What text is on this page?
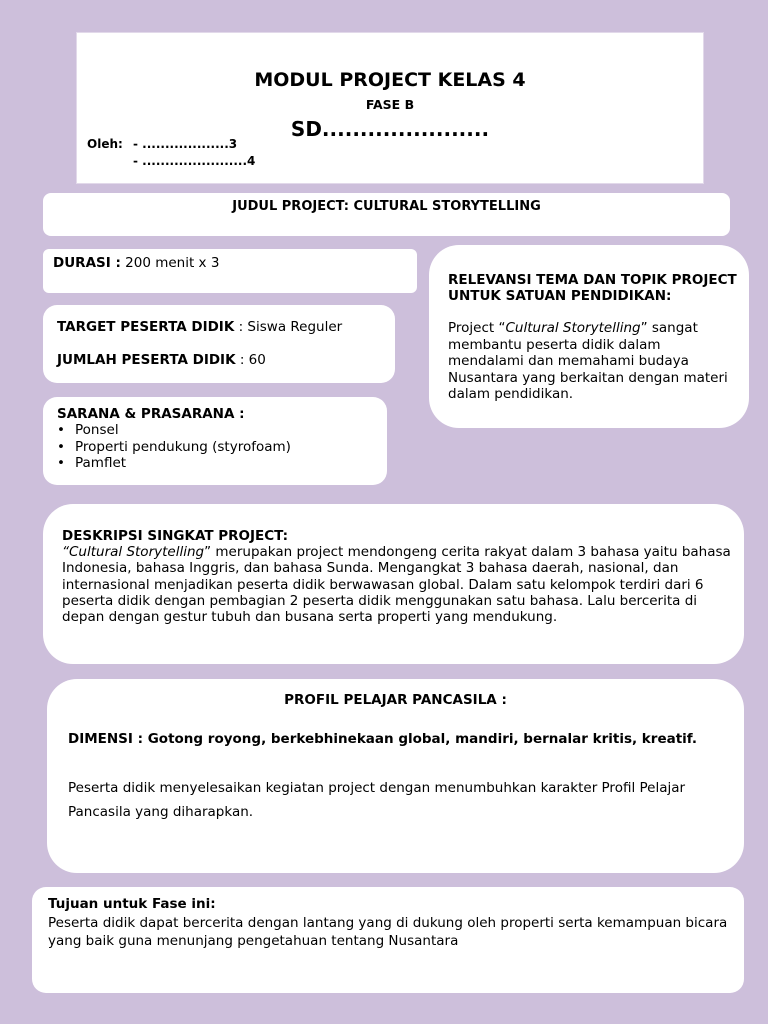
MODUL PROJECT KELAS 4
FASE B
SD......................
Oleh: - ...................3
- .......................4
JUDUL PROJECT: CULTURAL STORYTELLING
DURASI : 200 menit x 3
TARGET PESERTA DIDIK : Siswa Reguler
JUMLAH PESERTA DIDIK : 60
SARANA & PRASARANA :
• Ponsel
• Properti pendukung (styrofoam)
• Pamflet
RELEVANSI TEMA DAN TOPIK PROJECT UNTUK SATUAN PENDIDIKAN:
Project “Cultural Storytelling” sangat membantu peserta didik dalam mendalami dan memahami budaya Nusantara yang berkaitan dengan materi dalam pendidikan.
DESKRIPSI SINGKAT PROJECT:
“Cultural Storytelling” merupakan project mendongeng cerita rakyat dalam 3 bahasa yaitu bahasa Indonesia, bahasa Inggris, dan bahasa Sunda. Mengangkat 3 bahasa daerah, nasional, dan internasional menjadikan peserta didik berwawasan global. Dalam satu kelompok terdiri dari 6 peserta didik dengan pembagian 2 peserta didik menggunakan satu bahasa. Lalu bercerita di depan dengan gestur tubuh dan busana serta properti yang mendukung.
PROFIL PELAJAR PANCASILA :
DIMENSI : Gotong royong, berkebhinekaan global, mandiri, bernalar kritis, kreatif.
Peserta didik menyelesaikan kegiatan project dengan menumbuhkan karakter Profil Pelajar Pancasila yang diharapkan.
Tujuan untuk Fase ini:
Peserta didik dapat bercerita dengan lantang yang di dukung oleh properti serta kemampuan bicara yang baik guna menunjang pengetahuan tentang Nusantara
